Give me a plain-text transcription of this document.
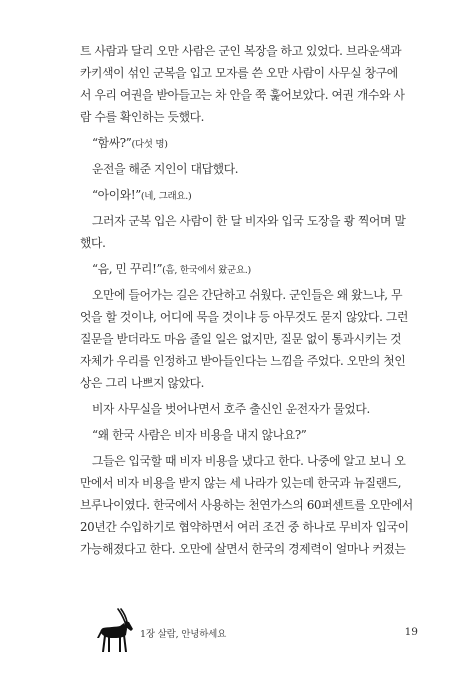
트 사람과 달리 오만 사람은 군인 복장을 하고 있었다. 브라운색과
카키색이 섞인 군복을 입고 모자를 쓴 오만 사람이 사무실 창구에
서 우리 여권을 받아들고는 차 안을 쭉 훑어보았다. 여권 개수와 사
람 수를 확인하는 듯했다.
“함싸?”(다섯 명)
운전을 해준 지인이 대답했다.
“아이와!”(네, 그래요.)
그러자 군복 입은 사람이 한 달 비자와 입국 도장을 쾅 찍어며 말
했다.
“음, 민 꾸리!”(흠, 한국에서 왔군요.)
오만에 들어가는 길은 간단하고 쉬웠다. 군인들은 왜 왔느냐, 무
엇을 할 것이냐, 어디에 묵을 것이냐 등 아무것도 묻지 않았다. 그런
질문을 받더라도 마음 졸일 일은 없지만, 질문 없이 통과시키는 것
자체가 우리를 인정하고 받아들인다는 느낌을 주었다. 오만의 첫인
상은 그리 나쁘지 않았다.
비자 사무실을 벗어나면서 호주 출신인 운전자가 물었다.
“왜 한국 사람은 비자 비용을 내지 않나요?”
그들은 입국할 때 비자 비용을 냈다고 한다. 나중에 알고 보니 오
만에서 비자 비용을 받지 않는 세 나라가 있는데 한국과 뉴질랜드,
브루나이였다. 한국에서 사용하는 천연가스의 60퍼센트를 오만에서
20년간 수입하기로 협약하면서 여러 조건 중 하나로 무비자 입국이
가능해졌다고 한다. 오만에 살면서 한국의 경제력이 얼마나 커졌는
1장 살람, 안녕하세요	19
